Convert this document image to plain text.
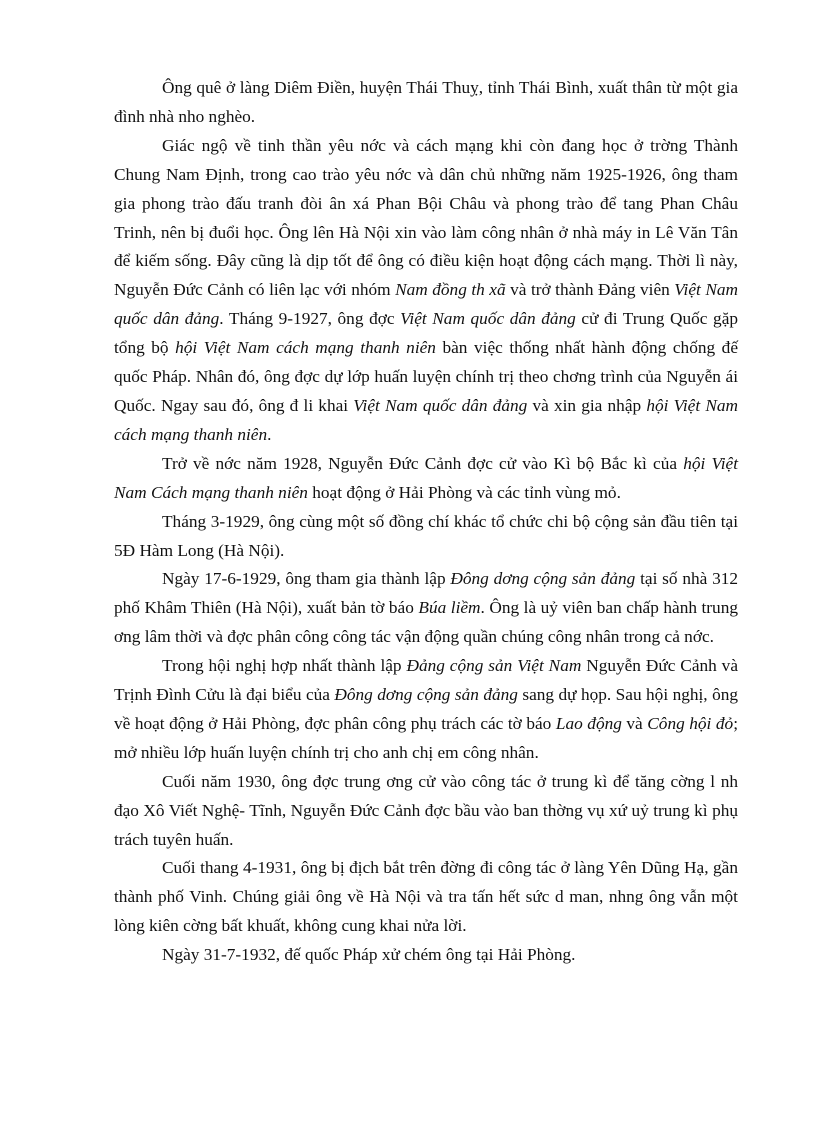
Ông quê ở làng Diêm Điền, huyện Thái Thuỵ, tỉnh Thái Bình, xuất thân từ một gia đình nhà nho nghèo.

Giác ngộ về tinh thần yêu nớc và cách mạng khi còn đang học ở trờng Thành Chung Nam Định, trong cao trào yêu nớc và dân chủ những năm 1925-1926, ông tham gia phong trào đấu tranh đòi ân xá Phan Bội Châu và phong trào để tang Phan Châu Trinh, nên bị đuổi học. Ông lên Hà Nội xin vào làm công nhân ở nhà máy in Lê Văn Tân để kiếm sống. Đây cũng là dịp tốt để ông có điều kiện hoạt động cách mạng. Thời lì này, Nguyễn Đức Cảnh có liên lạc với nhóm Nam đồng th xã và trở thành Đảng viên Việt Nam quốc dân đảng. Tháng 9-1927, ông đợc Việt Nam quốc dân đảng cử đi Trung Quốc gặp tổng bộ hội Việt Nam cách mạng thanh niên bàn việc thống nhất hành động chống đế quốc Pháp. Nhân đó, ông đợc dự lớp huấn luyện chính trị theo chơng trình của Nguyễn ái Quốc. Ngay sau đó, ông đ li khai Việt Nam quốc dân đảng và xin gia nhập hội Việt Nam cách mạng thanh niên.

Trở về nớc năm 1928, Nguyễn Đức Cảnh đợc cử vào Kì bộ Bắc kì của hội Việt Nam Cách mạng thanh niên hoạt động ở Hải Phòng và các tỉnh vùng mỏ.

Tháng 3-1929, ông cùng một số đồng chí khác tổ chức chi bộ cộng sản đầu tiên tại 5Đ Hàm Long (Hà Nội).

Ngày 17-6-1929, ông tham gia thành lập Đông dơng cộng sản đảng tại số nhà 312 phố Khâm Thiên (Hà Nội), xuất bản tờ báo Búa liềm. Ông là uỷ viên ban chấp hành trung ơng lâm thời và đợc phân công công tác vận động quần chúng công nhân trong cả nớc.

Trong hội nghị hợp nhất thành lập Đảng cộng sản Việt Nam Nguyễn Đức Cảnh và Trịnh Đình Cửu là đại biểu của Đông dơng cộng sản đảng sang dự họp. Sau hội nghị, ông về hoạt động ở Hải Phòng, đợc phân công phụ trách các tờ báo Lao động và Công hội đỏ; mở nhiều lớp huấn luyện chính trị cho anh chị em công nhân.

Cuối năm 1930, ông đợc trung ơng cử vào công tác ở trung kì để tăng cờng l nh đạo Xô Viết Nghệ- Tĩnh, Nguyễn Đức Cảnh đợc bầu vào ban thờng vụ xứ uỷ trung kì phụ trách tuyên huấn.

Cuối thang 4-1931, ông bị địch bắt trên đờng đi công tác ở làng Yên Dũng Hạ, gần thành phố Vinh. Chúng giải ông về Hà Nội và tra tấn hết sức d man, nhng ông vẫn một lòng kiên cờng bất khuất, không cung khai nửa lời.

Ngày 31-7-1932, đế quốc Pháp xử chém ông tại Hải Phòng.
